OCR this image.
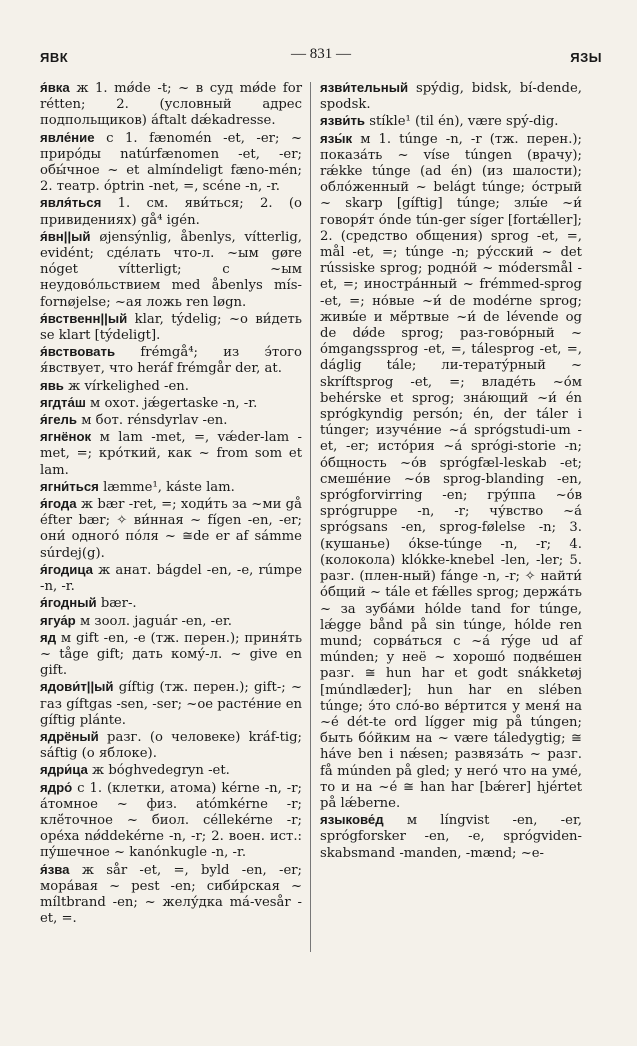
ЯВК	— 831 —	ЯЗЫ
я́вка ж 1. mǿde -t; ~ в суд mǿde for rétten; 2. (условный адрес подпольщиков) áftalt dǽkadresse.
явле́ние с 1. fænomén -et, -er; ~ приро́ды natúrfænomen -et, -er; обы́чное ~ et almíndeligt fæno-mén; 2. театр. óptrin -net, =, scéne -n, -r.
явля́ться 1. см. яви́ться; 2. (о привидениях) gå⁴ igén.
я́вн||ый øjensýnlig, åbenlys, vítterlig, evidént; сде́лать что-л. ~ым gøre nóget vítterligt; с ~ым неудово́льствием med åbenlys mís-fornøjelse; ~ая ложь ren løgn.
я́вственн||ый klar, týdelig; ~о ви́деть se klart [týdeligt].
я́вствовать frémgå⁴; из э́того я́вствует, что heráf frémgår der, at.
явь ж vírkelighed -en.
ягдта́ш м охот. jǽgertaske -n, -r.
я́гель м бот. rénsdyrlav -en.
ягнёнок м lam -met, =, vǽder-lam -met, =; кро́ткий, как ~ from som et lam.
ягни́ться læmme¹, káste lam.
я́года ж bær -ret, =; ходи́ть за ~ми gå éfter bær; ✧ ви́нная ~ fígen -en, -er; они́ одного́ по́ля ~ ≅de er af sámme súrdej(g).
я́годица ж анат. bágdel -en, -e, rúmpe -n, -r.
я́годный bær-.
ягуа́р м зоол. jaguár -en, -er.
яд м gift -en, -e (тж. перен.); приня́ть ~ tåge gift; дать кому́-л. ~ give en gift.
ядови́т||ый gíftig (тж. перен.); gift-; ~ газ gíftgas -sen, -ser; ~ое расте́ние en gíftig plánte.
ядрёный разг. (о человеке) kráf-tig; sáftig (о яблоке).
ядри́ца ж bóghvedegryn -et.
ядро́ с 1. (клетки, атома) kérne -n, -r; а́томное ~ физ. atómkérne -r; клё́точное ~ биол. céllekérne -r; оре́ха nǿddekérne -n, -r; 2. воен. ист.: пу́шечное ~ kanónkugle -n, -r.
я́зва ж sår -et, =, byld -en, -er; мора́вая ~ pest -en; сиби́рская ~ míltbrand -en; ~ желу́дка má-vesår -et, =.
язви́тельный spýdig, bidsk, bí-dende, spodsk.
язви́ть stíkle¹ (til én), være spý-dig.
язы́к м 1. túnge -n, -r (тж. перен.); показа́ть ~ víse túngen (врачу); rǽkke túnge (ad én) (из шалости); обло́женный ~ belágt túnge; о́стрый ~ skarp [gíftig] túnge; злы́е ~и́ говоря́т ónde tún-ger síger [fortǽller]; 2. (средство общения) sprog -et, =, mål -et, =; túnge -n; ру́сский ~ det rússiske sprog; родно́й ~ módersmål -et, =; иностра́нный ~ frémmed-sprog -et, =; но́вые ~и́ de modérne sprog; живы́е и мё́ртвые ~и́ de lévende og de dǿde sprog; раз-гово́рный ~ ómgangssprog -et, =, tálesprog -et, =, dáglig tále; ли-терату́рный ~ skríftsprog -et, =; владе́ть ~о́м behérske et sprog; зна́ющий ~и́ én sprógkyndig persón; én, der táler i túnger; изуче́ние ~а́ sprógstudi-um -et, -er; исто́рия ~а́ sprógi-storie -n; о́бщность ~о́в sprógfæl-leskab -et; смеше́ние ~о́в sprog-blanding -en, sprógforvirring -en; гру́ппа ~о́в sprógruppe -n, -r; чу́вство ~а́ sprógsans -en, sprog-følelse -n; 3. (кушанье) ókse-túnge -n, -r; 4. (колокола) klókke-knebel -len, -ler; 5. разг. (плен-ный) fánge -n, -r; ✧ найти́ о́бщий ~ tále et fǽlles sprog; держа́ть ~ за зуба́ми hólde tand for túnge, lǽgge bånd på sin túnge, hólde ren mund; сорва́ться с ~а́ rýge ud af múnden; у неё ~ хорошо́ подве́шен разг. ≅ hun har et godt snákketøj [múndlæder]; hun har en slében túnge; э́то сло́-во вéртится у меня́ на ~е́ dét-te ord lígger mig på túngen; быть бо́йким на ~ være táledygtig; ≅ háve ben i nǽsen; развяза́ть ~ разг. få múnden på gled; у него́ что на уме́, то и на ~е́ ≅ han har [bǽrer] hjértet på lǽberne.
языкове́д м língvist -en, -er, sprógforsker -en, -e, sprógviden-skabsmand -manden, -mænd; ~e-
